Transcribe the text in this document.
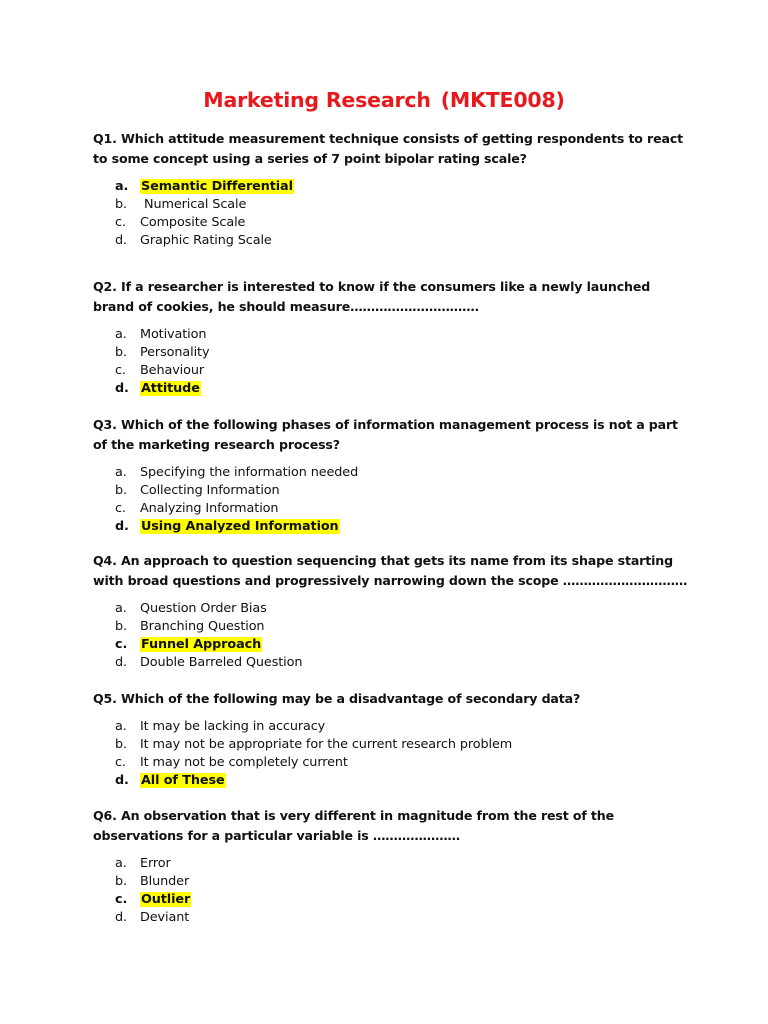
Marketing Research (MKTE008)
Q1. Which attitude measurement technique consists of getting respondents to react to some concept using a series of 7 point bipolar rating scale?
a. Semantic Differential
b. Numerical Scale
c. Composite Scale
d. Graphic Rating Scale
Q2. If a researcher is interested to know if the consumers like a newly launched brand of cookies, he should measure………………………….
a. Motivation
b. Personality
c. Behaviour
d. Attitude
Q3. Which of the following phases of information management process is not a part of the marketing research process?
a. Specifying the information needed
b. Collecting Information
c. Analyzing Information
d. Using Analyzed Information
Q4. An approach to question sequencing that gets its name from its shape starting with broad questions and progressively narrowing down the scope …………………………
a. Question Order Bias
b. Branching Question
c. Funnel Approach
d. Double Barreled Question
Q5. Which of the following may be a disadvantage of secondary data?
a. It may be lacking in accuracy
b. It may not be appropriate for the current research problem
c. It may not be completely current
d. All of These
Q6. An observation that is very different in magnitude from the rest of the observations for a particular variable is …………………
a. Error
b. Blunder
c. Outlier
d. Deviant
